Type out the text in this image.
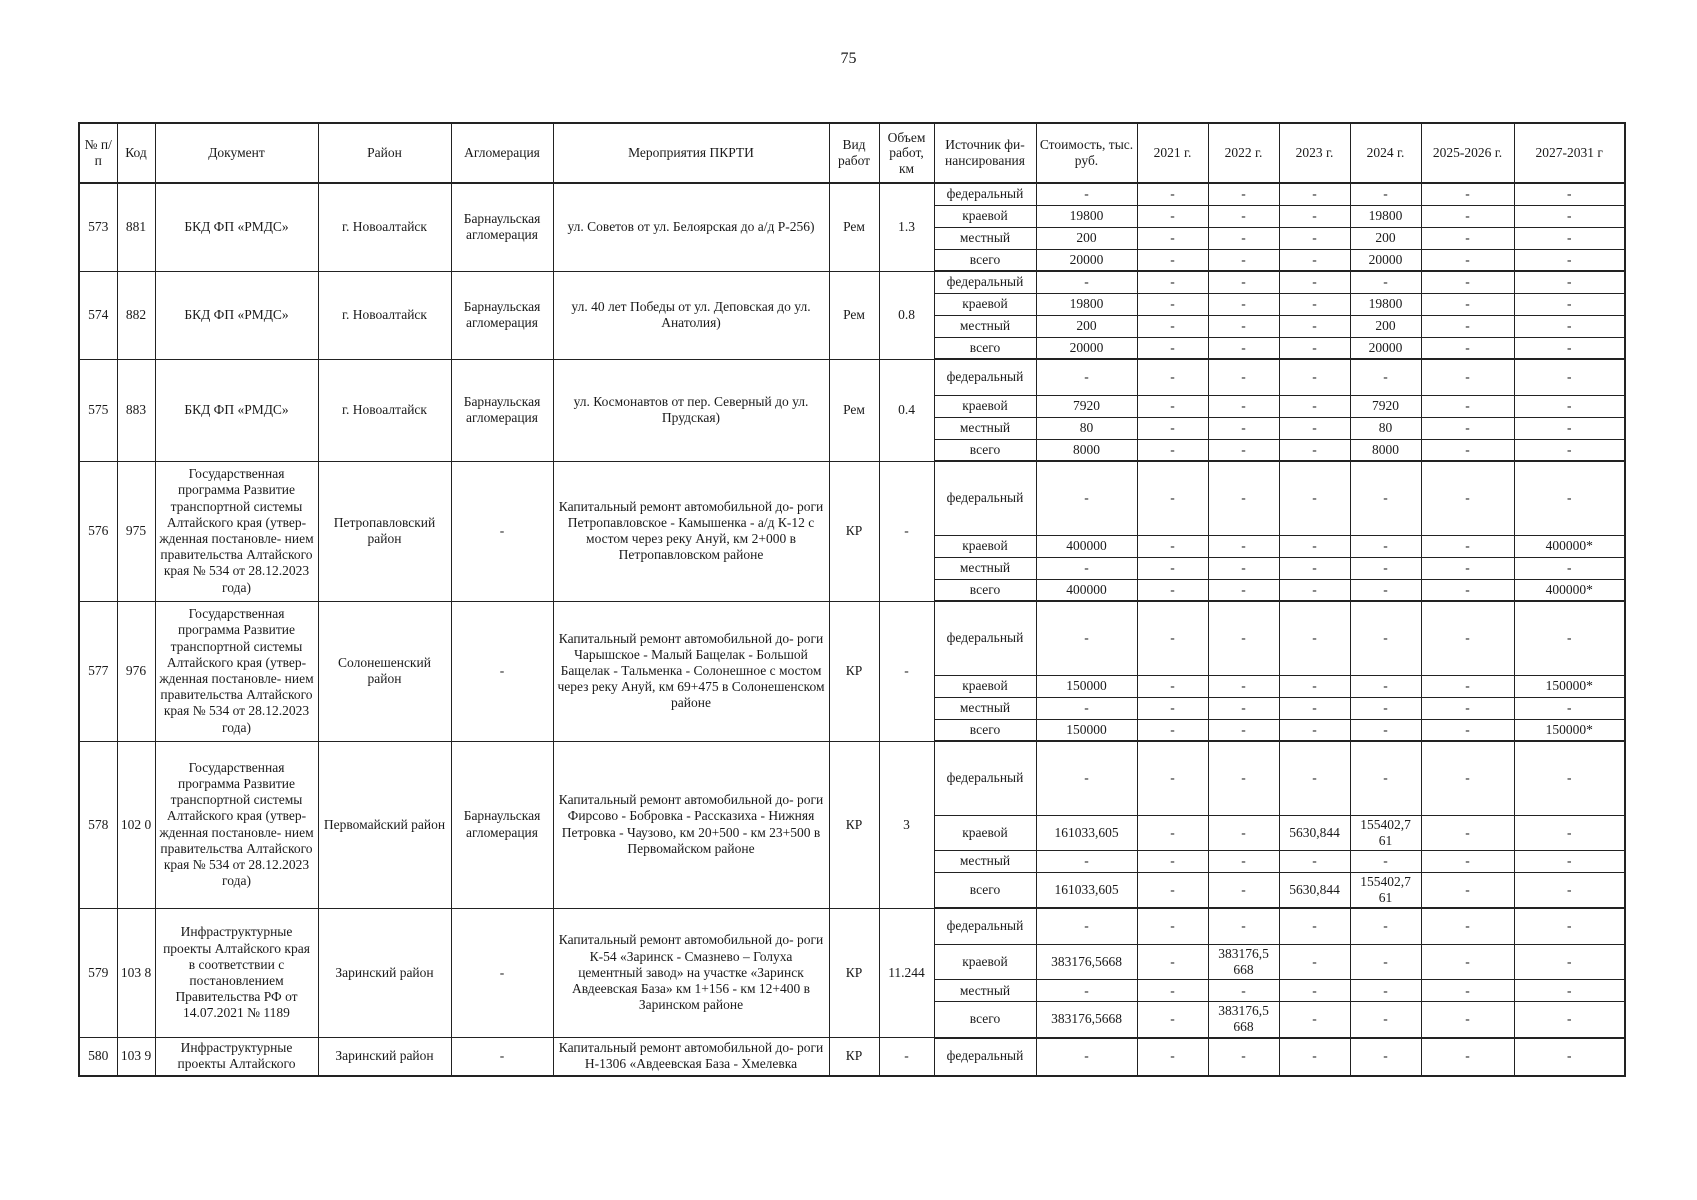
75
№ п/п	Код	Документ	Район	Агломерация	Мероприятия ПКРТИ	Вид работ	Объем работ, км	Источник фи- нансирования	Стоимость, тыс. руб.	2021 г.	2022 г.	2023 г.	2024 г.	2025-2026 г.	2027-2031 г
573	881	БКД ФП «РМДС»	г. Новоалтайск	Барнаульская агломерация	ул. Советов от ул. Белоярская до а/д Р-256)	Рем	1.3	федеральный	-	-	-	-	-	-	-
								краевой	19800	-	-	-	19800	-	-
								местный	200	-	-	-	200	-	-
								всего	20000	-	-	-	20000	-	-
574	882	БКД ФП «РМДС»	г. Новоалтайск	Барнаульская агломерация	ул. 40 лет Победы от ул. Деповская до ул. Анатолия)	Рем	0.8	федеральный	-	-	-	-	-	-	-
								краевой	19800	-	-	-	19800	-	-
								местный	200	-	-	-	200	-	-
								всего	20000	-	-	-	20000	-	-
575	883	БКД ФП «РМДС»	г. Новоалтайск	Барнаульская агломерация	ул. Космонавтов от пер. Северный до ул. Прудская)	Рем	0.4	федеральный	-	-	-	-	-	-	-
								краевой	7920	-	-	-	7920	-	-
								местный	80	-	-	-	80	-	-
								всего	8000	-	-	-	8000	-	-
576	975	Государственная программа Развитие транспортной системы Алтайского края (утвер- жденная постановле- нием правительства Алтайского края № 534 от 28.12.2023 года)	Петропавловский район	-	Капитальный ремонт автомобильной до- роги Петропавловское - Камышенка - а/д К-12 с мостом через реку Ануй, км 2+000 в Петропавловском районе	КР	-	федеральный	-	-	-	-	-	-	-
								краевой	400000	-	-	-	-	-	400000*
								местный	-	-	-	-	-	-	-
								всего	400000	-	-	-	-	-	400000*
577	976	Государственная программа Развитие транспортной системы Алтайского края (утвер- жденная постановле- нием правительства Алтайского края № 534 от 28.12.2023 года)	Солонешенский район	-	Капитальный ремонт автомобильной до- роги Чарышское - Малый Бащелак - Большой Бащелак - Тальменка - Солонешное с мостом через реку Ануй, км 69+475 в Солонешенском районе	КР	-	федеральный	-	-	-	-	-	-	-
								краевой	150000	-	-	-	-	-	150000*
								местный	-	-	-	-	-	-	-
								всего	150000	-	-	-	-	-	150000*
578	102 0	Государственная программа Развитие транспортной системы Алтайского края (утвер- жденная постановле- нием правительства Алтайского края № 534 от 28.12.2023 года)	Первомайский район	Барнаульская агломерация	Капитальный ремонт автомобильной до- роги Фирсово - Бобровка - Рассказиха - Нижняя Петровка - Чаузово, км 20+500 - км 23+500 в Первомайском районе	КР	3	федеральный	-	-	-	-	-	-	-
								краевой	161033,605	-	-	5630,844	155402,7 61	-	-
								местный	-	-	-	-	-	-	-
								всего	161033,605	-	-	5630,844	155402,7 61	-	-
579	103 8	Инфраструктурные проекты Алтайского края в соответствии с постановлением Правительства РФ от 14.07.2021 № 1189	Заринский район	-	Капитальный ремонт автомобильной до- роги К-54 «Заринск - Смазнево – Голуха цементный завод» на участке «Заринск Авдеевская База» км 1+156 - км 12+400 в Заринском районе	КР	11.244	федеральный	-	-	-	-	-	-	-
								краевой	383176,5668	-	383176,5 668	-	-	-	-
								местный	-	-	-	-	-	-	-
								всего	383176,5668	-	383176,5 668	-	-	-	-
580	103 9	Инфраструктурные проекты Алтайского	Заринский район	-	Капитальный ремонт автомобильной до- роги Н-1306 «Авдеевская База - Хмелевка	КР	-	федеральный	-	-	-	-	-	-	-
